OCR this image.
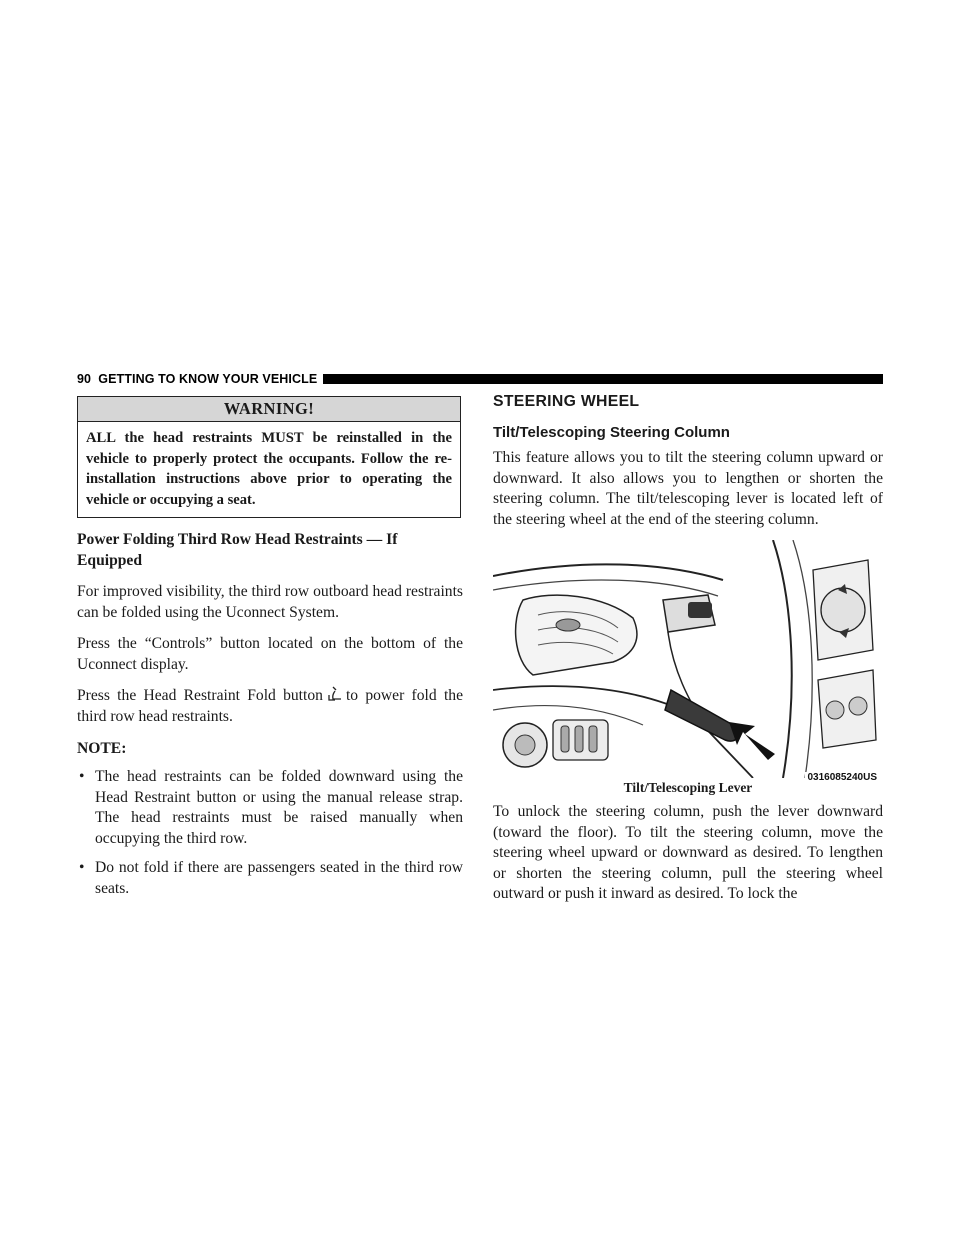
90 GETTING TO KNOW YOUR VEHICLE
WARNING!
ALL the head restraints MUST be reinstalled in the vehicle to properly protect the occupants. Follow the re-installation instructions above prior to operating the vehicle or occupying a seat.
Power Folding Third Row Head Restraints — If Equipped

For improved visibility, the third row outboard head restraints can be folded using the Uconnect System.

Press the “Controls” button located on the bottom of the Uconnect display.

Press the Head Restraint Fold button to power fold the third row head restraints.

NOTE:
• The head restraints can be folded downward using the Head Restraint button or using the manual release strap. The head restraints must be raised manually when occupying the third row.
• Do not fold if there are passengers seated in the third row seats.
STEERING WHEEL
Tilt/Telescoping Steering Column

This feature allows you to tilt the steering column upward or downward. It also allows you to lengthen or shorten the steering column. The tilt/telescoping lever is located left of the steering wheel at the end of the steering column.

0316085240US
Tilt/Telescoping Lever

To unlock the steering column, push the lever downward (toward the floor). To tilt the steering column, move the steering wheel upward or downward as desired. To lengthen or shorten the steering column, pull the steering wheel outward or push it inward as desired. To lock the
